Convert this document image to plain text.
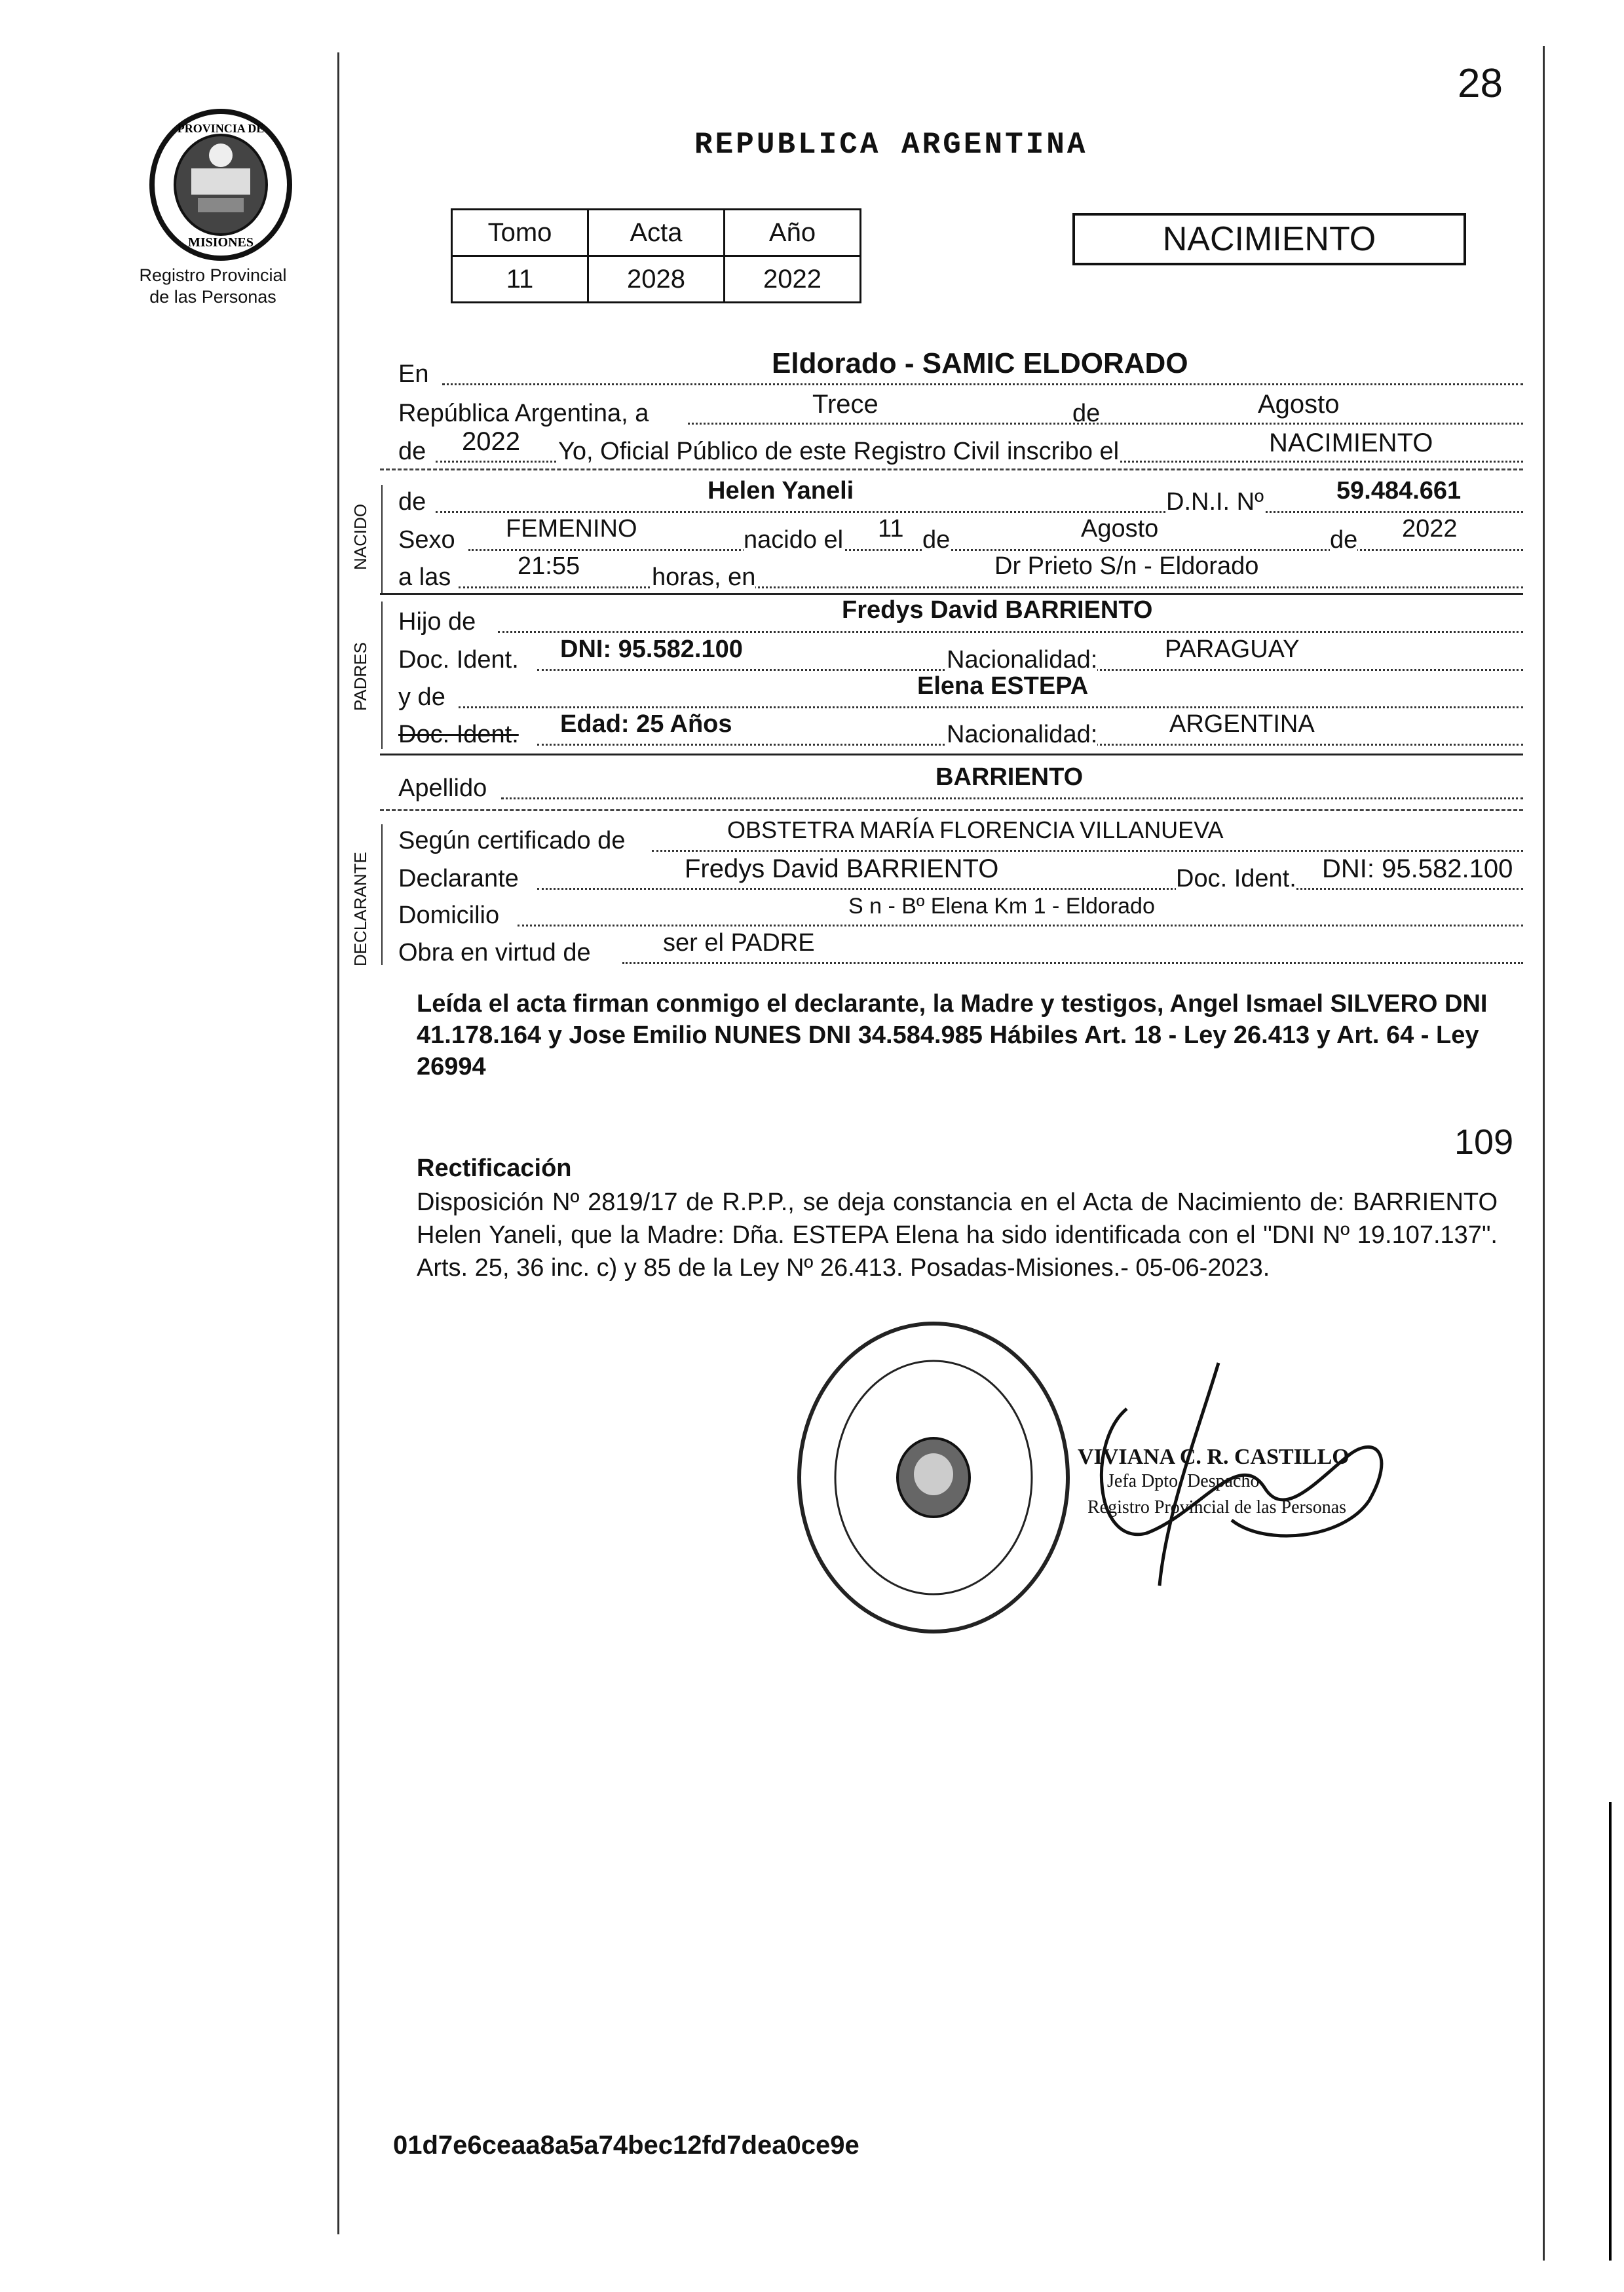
28
PROVINCIA DE
MISIONES
Registro Provincial
de las Personas
REPUBLICA ARGENTINA
Tomo	Acta	Año
11	2028	2022
NACIMIENTO
En	Eldorado - SAMIC ELDORADO
República Argentina, a	Trece	de	Agosto
de 2022 Yo, Oficial Público de este Registro Civil inscribo el	NACIMIENTO
NACIDO
de	Helen Yaneli	D.N.I. Nº	59.484.661
Sexo FEMENINO	nacido el 11 de	Agosto	de 2022
a las	21:55	horas, en	Dr Prieto S/n - Eldorado
PADRES
Hijo de	Fredys David BARRIENTO
Doc. Ident. DNI: 95.582.100	Nacionalidad:	PARAGUAY
y de	Elena ESTEPA
Doc. Ident. Edad: 25 Años	Nacionalidad:	ARGENTINA
Apellido	BARRIENTO
DECLARANTE
Según certificado de	OBSTETRA MARÍA FLORENCIA VILLANUEVA
Declarante	Fredys David BARRIENTO	Doc. Ident. DNI: 95.582.100
Domicilio	S n - Bº Elena Km 1 - Eldorado
Obra en virtud de	ser el PADRE
Leída el acta firman conmigo el declarante, la Madre y testigos, Angel Ismael SILVERO DNI 41.178.164 y Jose Emilio NUNES DNI 34.584.985 Hábiles Art. 18 - Ley 26.413 y Art. 64 - Ley 26994
109
Rectificación
Disposición Nº 2819/17 de R.P.P., se deja constancia en el Acta de Nacimiento de: BARRIENTO Helen Yaneli, que la Madre: Dña. ESTEPA Elena ha sido identificada con el "DNI Nº 19.107.137". Arts. 25, 36 inc. c) y 85 de la Ley Nº 26.413. Posadas-Misiones.- 05-06-2023.
VIVIANA C. R. CASTILLO
Jefa Dpto. Despacho
Registro Provincial de las Personas
01d7e6ceaa8a5a74bec12fd7dea0ce9e
